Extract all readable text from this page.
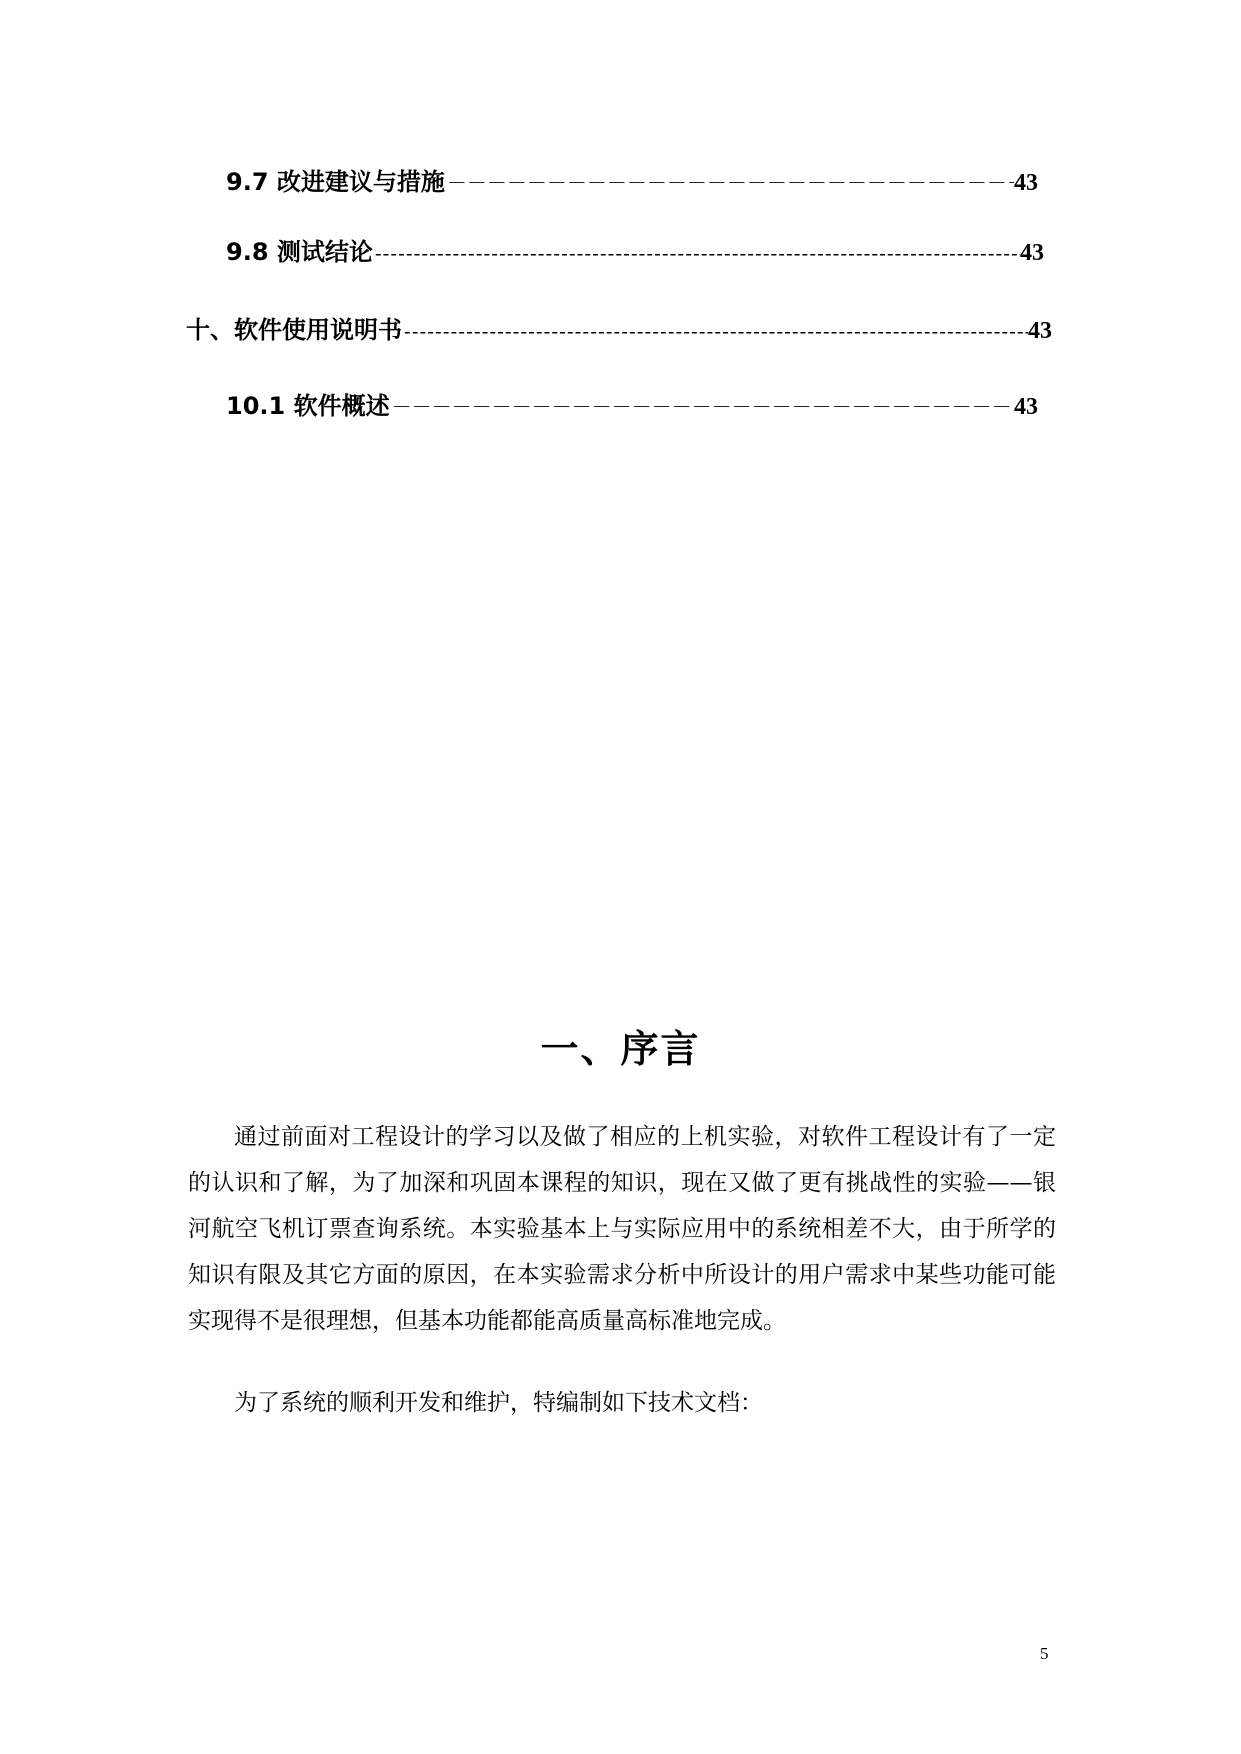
9.7 改进建议与措施 －－－－－－－－－－－－－－－－－－－－－－－－－－－－－－－－－－－－－－－－－－－－－－－－－	43
9.8 测试结论 -----	43
十、软件使用说明书 -----	43
10.1 软件概述 －－－－－－－－－－－－－－－－－－－－－－－－－－－－－－－－－－－－－－－－－－－－－－－－－	43
一、序言
通过前面对工程设计的学习以及做了相应的上机实验，对软件工程设计有了一定的认识和了解，为了加深和巩固本课程的知识，现在又做了更有挑战性的实验——银河航空飞机订票查询系统。本实验基本上与实际应用中的系统相差不大，由于所学的知识有限及其它方面的原因，在本实验需求分析中所设计的用户需求中某些功能可能实现得不是很理想，但基本功能都能高质量高标准地完成。
为了系统的顺利开发和维护，特编制如下技术文档：
5
